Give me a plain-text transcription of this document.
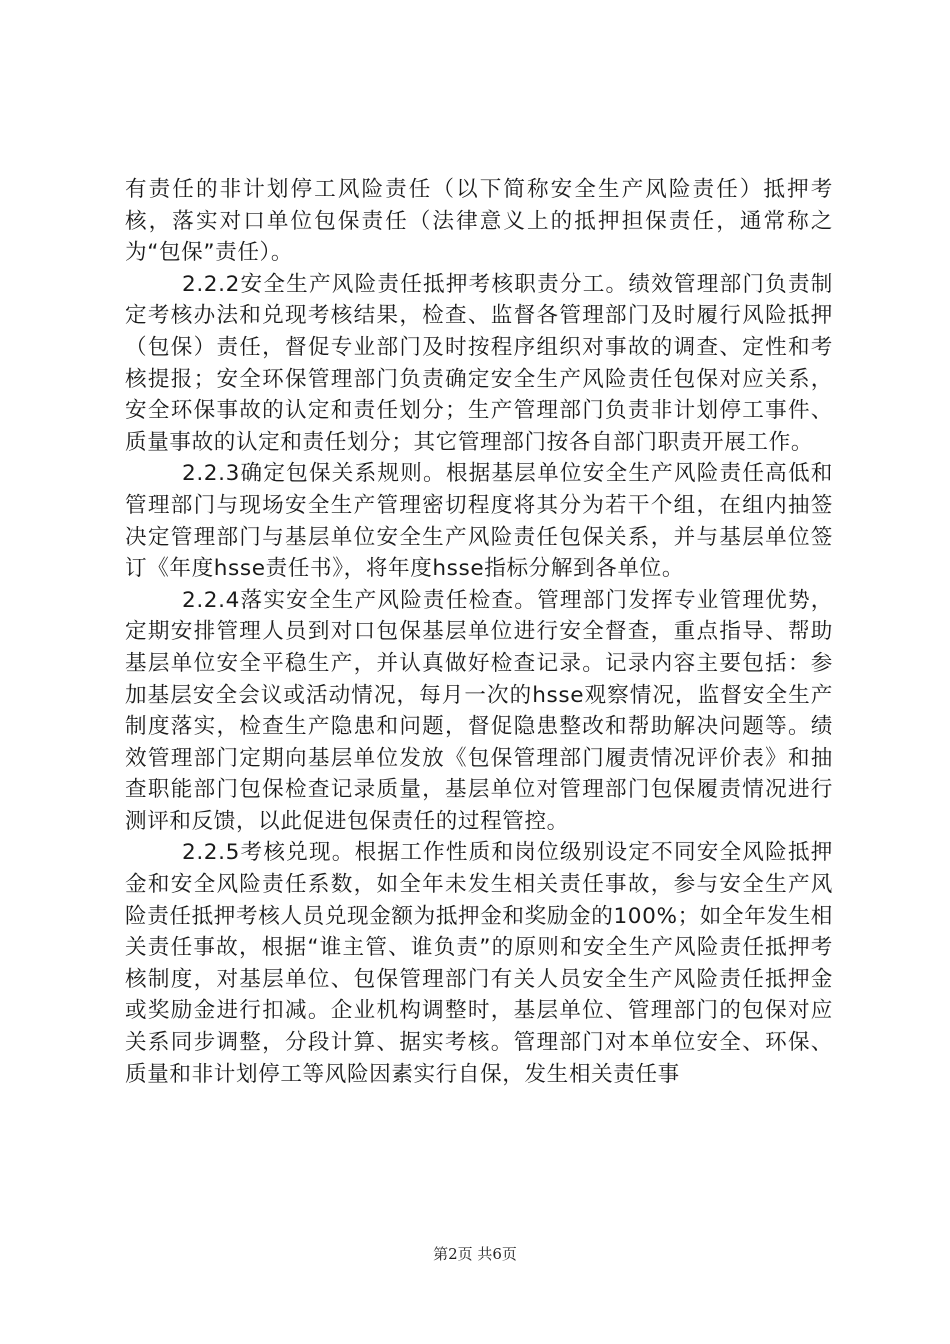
有责任的非计划停工风险责任（以下简称安全生产风险责任）抵押考核，落实对口单位包保责任（法律意义上的抵押担保责任，通常称之为“包保”责任）。

2.2.2安全生产风险责任抵押考核职责分工。绩效管理部门负责制定考核办法和兑现考核结果，检查、监督各管理部门及时履行风险抵押（包保）责任，督促专业部门及时按程序组织对事故的调查、定性和考核提报；安全环保管理部门负责确定安全生产风险责任包保对应关系，安全环保事故的认定和责任划分；生产管理部门负责非计划停工事件、质量事故的认定和责任划分；其它管理部门按各自部门职责开展工作。

2.2.3确定包保关系规则。根据基层单位安全生产风险责任高低和管理部门与现场安全生产管理密切程度将其分为若干个组，在组内抽签决定管理部门与基层单位安全生产风险责任包保关系，并与基层单位签订《年度hsse责任书》，将年度hsse指标分解到各单位。

2.2.4落实安全生产风险责任检查。管理部门发挥专业管理优势，定期安排管理人员到对口包保基层单位进行安全督查，重点指导、帮助基层单位安全平稳生产，并认真做好检查记录。记录内容主要包括：参加基层安全会议或活动情况，每月一次的hsse观察情况，监督安全生产制度落实，检查生产隐患和问题，督促隐患整改和帮助解决问题等。绩效管理部门定期向基层单位发放《包保管理部门履责情况评价表》和抽查职能部门包保检查记录质量，基层单位对管理部门包保履责情况进行测评和反馈，以此促进包保责任的过程管控。

2.2.5考核兑现。根据工作性质和岗位级别设定不同安全风险抵押金和安全风险责任系数，如全年未发生相关责任事故，参与安全生产风险责任抵押考核人员兑现金额为抵押金和奖励金的100%；如全年发生相关责任事故，根据“谁主管、谁负责”的原则和安全生产风险责任抵押考核制度，对基层单位、包保管理部门有关人员安全生产风险责任抵押金或奖励金进行扣减。企业机构调整时，基层单位、管理部门的包保对应关系同步调整，分段计算、据实考核。管理部门对本单位安全、环保、质量和非计划停工等风险因素实行自保，发生相关责任事

第2页 共6页
